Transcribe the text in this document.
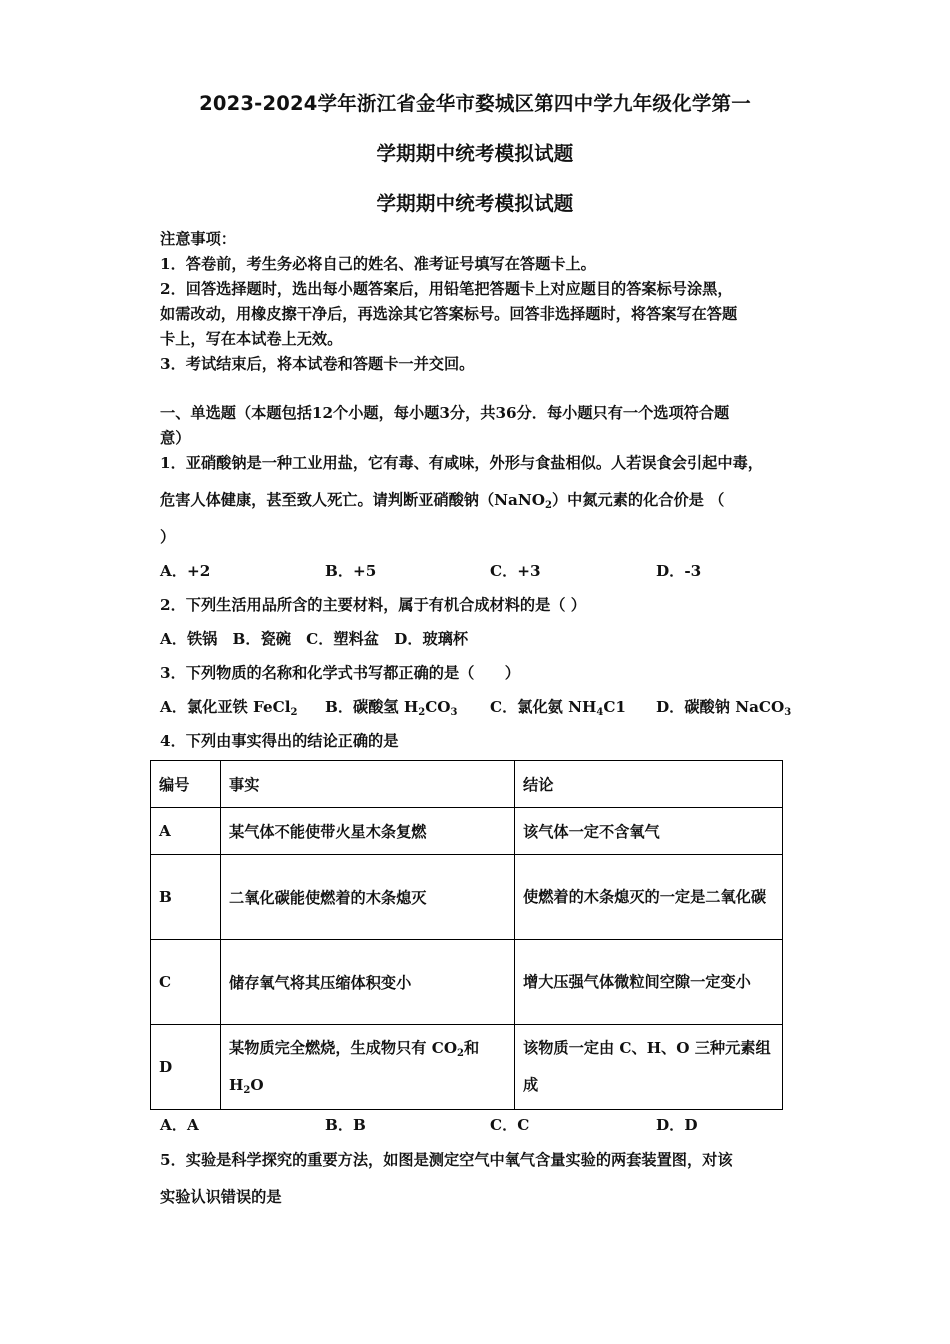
2023-2024学年浙江省金华市婺城区第四中学九年级化学第一
学期期中统考模拟试题
学期期中统考模拟试题
注意事项：
1．答卷前，考生务必将自己的姓名、准考证号填写在答题卡上。
2．回答选择题时，选出每小题答案后，用铅笔把答题卡上对应题目的答案标号涂黑，
如需改动，用橡皮擦干净后，再选涂其它答案标号。回答非选择题时，将答案写在答题
卡上，写在本试卷上无效。
3．考试结束后，将本试卷和答题卡一并交回。
一、单选题（本题包括12个小题，每小题3分，共36分．每小题只有一个选项符合题
意）
1．亚硝酸钠是一种工业用盐，它有毒、有咸味，外形与食盐相似。人若误食会引起中毒，
危害人体健康，甚至致人死亡。请判断亚硝酸钠（NaNO$_2$）中氮元素的化合价是 （
）
A．+2	B．+5	C．+3	D．-3
2．下列生活用品所含的主要材料，属于有机合成材料的是（ ）
A．铁锅　B．瓷碗　C．塑料盆　D．玻璃杯
3．下列物质的名称和化学式书写都正确的是（　　）
A．氯化亚铁 FeCl$_2$ B．碳酸氢 $H_2CO_3$ C．氯化氨 $NH_4C1$ D．碳酸钠 NaCO$_3$
4．下列由事实得出的结论正确的是
编号	事实	结论
A	某气体不能使带火星木条复燃	该气体一定不含氧气
B	二氧化碳能使燃着的木条熄灭	使燃着的木条熄灭的一定是二氧化碳

C	储存氧气将其压缩体积变小	增大压强气体微粒间空隙一定变小

D	某物质完全燃烧，生成物只有 $CO_2$和 $H_2O$	该物质一定由 C、H、O 三种元素组成
A．A	B．B	C．C	D．D
5．实验是科学探究的重要方法，如图是测定空气中氧气含量实验的两套装置图，对该
实验认识错误的是
